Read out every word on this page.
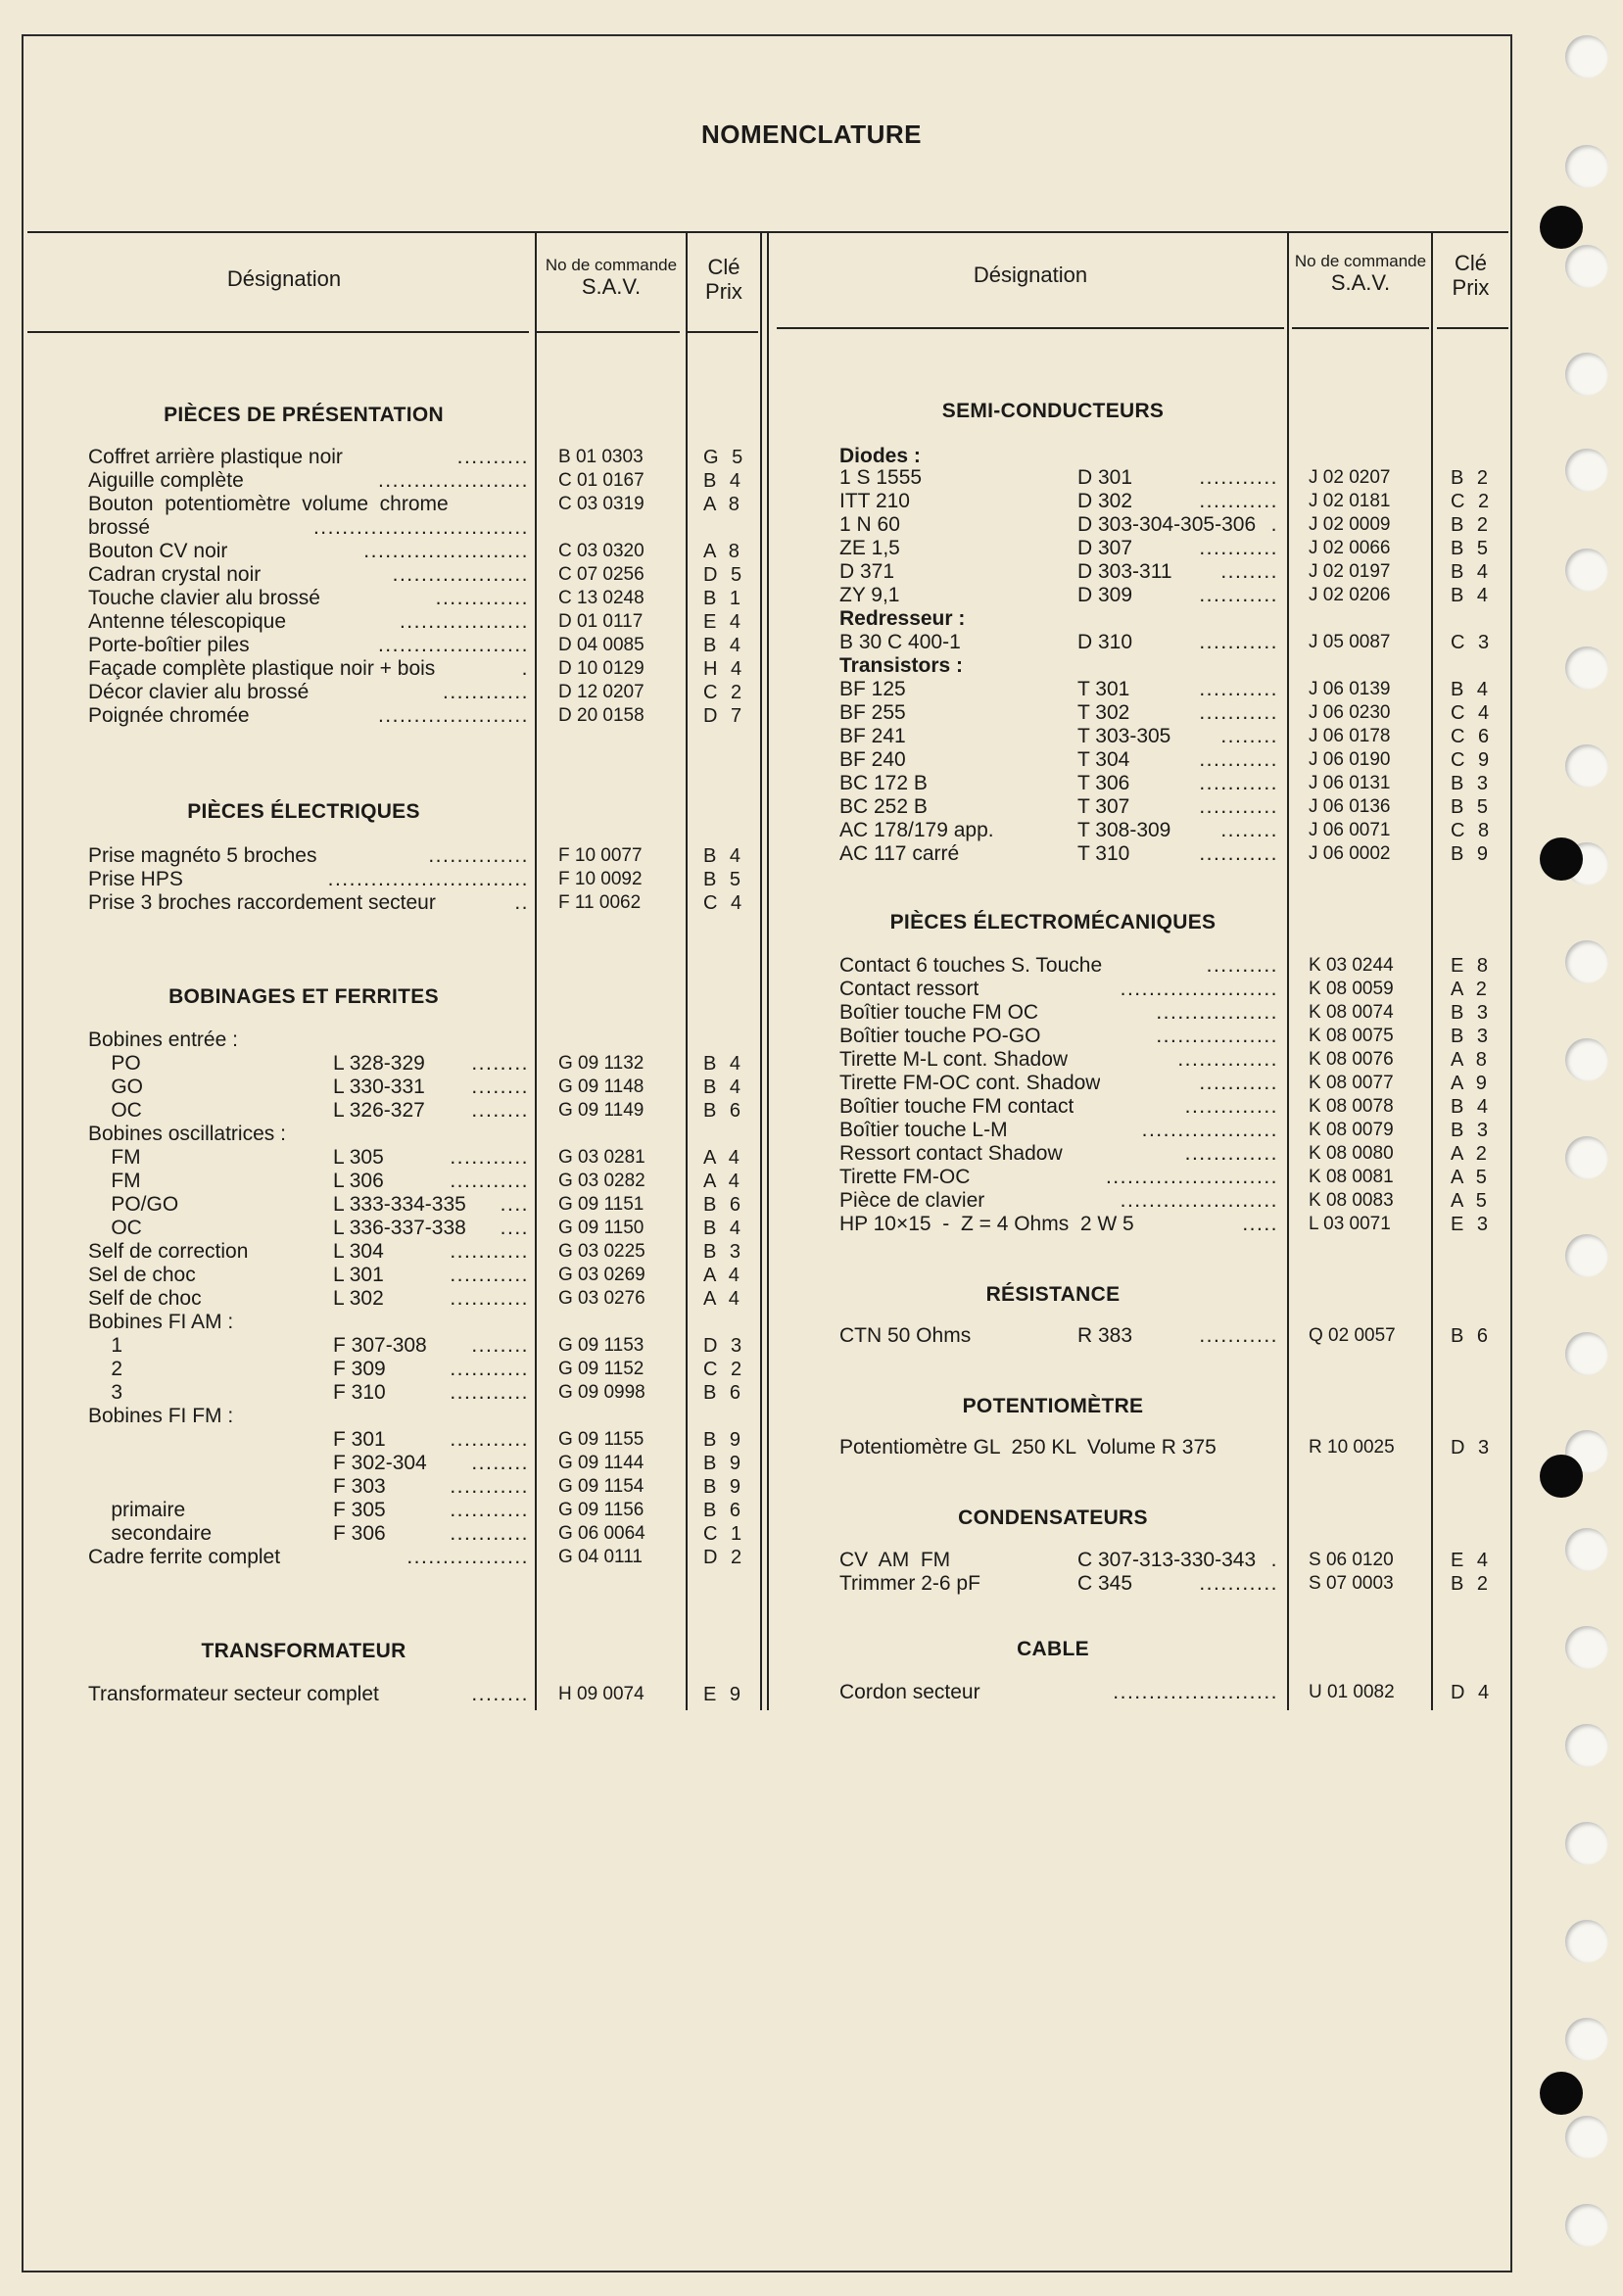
NOMENCLATURE
Désignation
No de commande
S.A.V.
Clé
Prix
Désignation
No de commande
S.A.V.
Clé
Prix
PIÈCES DE PRÉSENTATION
PIÈCES ÉLECTRIQUES
BOBINAGES ET FERRITES
TRANSFORMATEUR
SEMI-CONDUCTEURS
PIÈCES ÉLECTROMÉCANIQUES
RÉSISTANCE
POTENTIOMÈTRE
CONDENSATEURS
CABLE
Coffret arrière plastique noir	.......... B 01 0303	G 5
Aiguille complète	..................... C 01 0167	B 4
Bouton  potentiomètre  volume  chrome	C 03 0319	A 8
brossé	..............................
Bouton CV noir	....................... C 03 0320	A 8
Cadran crystal noir	................... C 07 0256	D 5
Touche clavier alu brossé	............. C 13 0248	B 1
Antenne télescopique	.................. D 01 0117	E 4
Porte-boîtier piles	..................... D 04 0085	B 4
Façade complète plastique noir + bois	. D 10 0129	H 4
Décor clavier alu brossé	............ D 12 0207	C 2
Poignée chromée	..................... D 20 0158	D 7
Prise magnéto 5 broches	.............. F 10 0077	B 4
Prise HPS	............................ F 10 0092	B 5
Prise 3 broches raccordement secteur	.. F 11 0062	C 4
Bobines entrée :
PO	L 328-329 ........ G 09 1132	B 4
GO	L 330-331 ........ G 09 1148	B 4
OC	L 326-327 ........ G 09 1149	B 6
Bobines oscillatrices :
FM	L 305	........... G 03 0281	A 4
FM	L 306	........... G 03 0282	A 4
PO/GO	L 333-334-335 .... G 09 1151	B 6
OC	L 336-337-338 .... G 09 1150	B 4
Self de correction	L 304	........... G 03 0225	B 3
Sel de choc	L 301	........... G 03 0269	A 4
Self de choc	L 302	........... G 03 0276	A 4
Bobines FI AM :
1	F 307-308 ........ G 09 1153	D 3
2	F 309	........... G 09 1152	C 2
3	F 310	........... G 09 0998	B 6
Bobines FI FM :
F 301	........... G 09 1155	B 9
F 302-304 ........ G 09 1144	B 9
F 303	........... G 09 1154	B 9
primaire	F 305	........... G 09 1156	B 6
secondaire	F 306	........... G 06 0064	C 1
Cadre ferrite complet	................. G 04 0111	D 2
Transformateur secteur complet	........ H 09 0074	E 9
Diodes :
1 S 1555	D 301	........... J 02 0207	B 2
ITT 210	D 302	........... J 02 0181	C 2
1 N 60	D 303-304-305-306 . J 02 0009	B 2
ZE 1,5	D 307	........... J 02 0066	B 5
D 371	D 303-311 ........ J 02 0197	B 4
ZY 9,1	D 309	........... J 02 0206	B 4
Redresseur :
B 30 C 400-1	D 310	........... J 05 0087	C 3
Transistors :
BF 125	T 301	........... J 06 0139	B 4
BF 255	T 302	........... J 06 0230	C 4
BF 241	T 303-305 ........ J 06 0178	C 6
BF 240	T 304	........... J 06 0190	C 9
BC 172 B	T 306	........... J 06 0131	B 3
BC 252 B	T 307	........... J 06 0136	B 5
AC 178/179 app.	T 308-309 ........ J 06 0071	C 8
AC 117 carré	T 310	........... J 06 0002	B 9
Contact 6 touches S. Touche	.......... K 03 0244	E 8
Contact ressort	...................... K 08 0059	A 2
Boîtier touche FM OC	................. K 08 0074	B 3
Boîtier touche PO-GO	................. K 08 0075	B 3
Tirette M-L cont. Shadow	.............. K 08 0076	A 8
Tirette FM-OC cont. Shadow	........... K 08 0077	A 9
Boîtier touche FM contact	............. K 08 0078	B 4
Boîtier touche L-M	................... K 08 0079	B 3
Ressort contact Shadow	............. K 08 0080	A 2
Tirette FM-OC	........................ K 08 0081	A 5
Pièce de clavier	...................... K 08 0083	A 5
HP 10×15  -  Z = 4 Ohms  2 W 5	..... L 03 0071	E 3
CTN 50 Ohms	R 383	........... Q 02 0057	B 6
Potentiomètre GL  250 KL  Volume R 375	R 10 0025	D 3
CV  AM  FM	C 307-313-330-343 . S 06 0120	E 4
Trimmer 2-6 pF	C 345	........... S 07 0003	B 2
Cordon secteur	....................... U 01 0082	D 4
